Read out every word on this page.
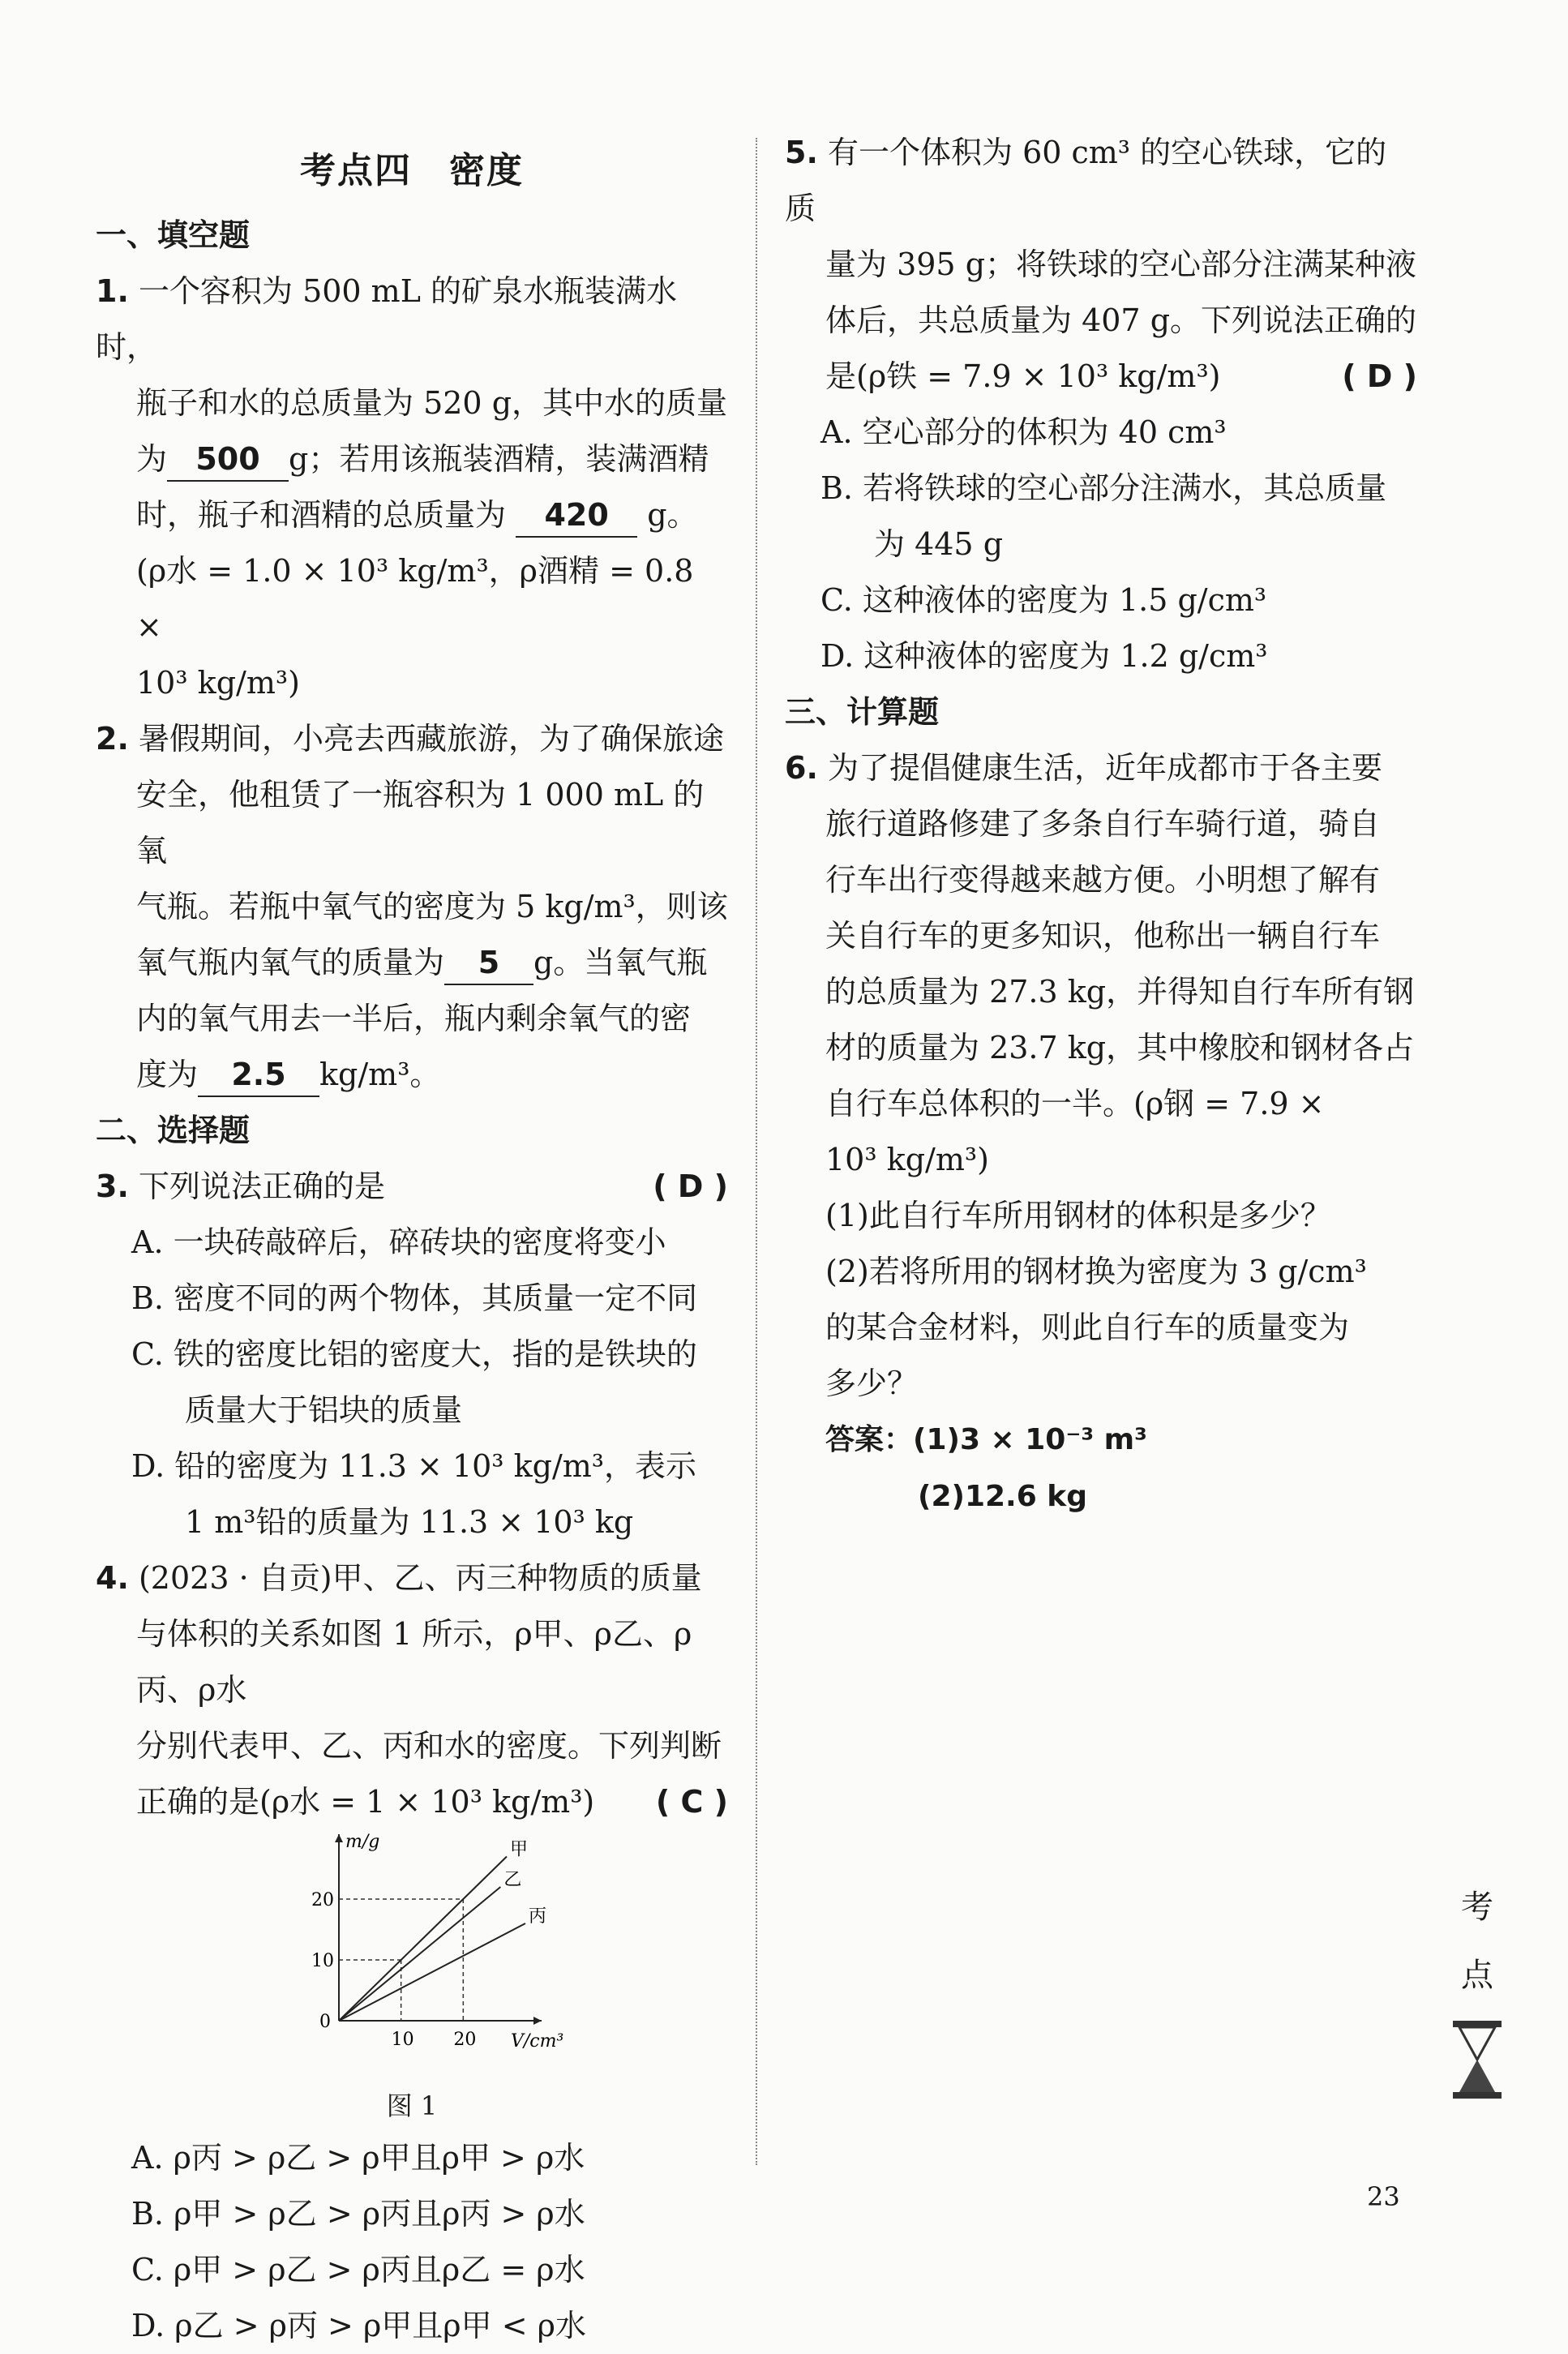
考点四　密度
一、填空题
1. 一个容积为 500 mL 的矿泉水瓶装满水时，
瓶子和水的总质量为 520 g，其中水的质量
为 500 g；若用该瓶装酒精，装满酒精
时，瓶子和酒精的总质量为 420 g。
(ρ水 = 1.0 × 10³ kg/m³，ρ酒精 = 0.8 ×
10³ kg/m³)
2. 暑假期间，小亮去西藏旅游，为了确保旅途
安全，他租赁了一瓶容积为 1 000 mL 的氧
气瓶。若瓶中氧气的密度为 5 kg/m³，则该
氧气瓶内氧气的质量为 5 g。当氧气瓶
内的氧气用去一半后，瓶内剩余氧气的密
度为 2.5 kg/m³。
二、选择题
3. 下列说法正确的是	( D )
A. 一块砖敲碎后，碎砖块的密度将变小
B. 密度不同的两个物体，其质量一定不同
C. 铁的密度比铝的密度大，指的是铁块的
质量大于铝块的质量
D. 铅的密度为 11.3 × 10³ kg/m³，表示
1 m³铅的质量为 11.3 × 10³ kg
4. (2023 · 自贡)甲、乙、丙三种物质的质量
与体积的关系如图 1 所示，ρ甲、ρ乙、ρ丙、ρ水
分别代表甲、乙、丙和水的密度。下列判断
正确的是(ρ水 = 1 × 10³ kg/m³) ( C )
甲
乙
丙
10 20
10
20
0
V/cm³
m/g
图 1
A. ρ丙 > ρ乙 > ρ甲且ρ甲 > ρ水
B. ρ甲 > ρ乙 > ρ丙且ρ丙 > ρ水
C. ρ甲 > ρ乙 > ρ丙且ρ乙 = ρ水
D. ρ乙 > ρ丙 > ρ甲且ρ甲 < ρ水
5. 有一个体积为 60 cm³ 的空心铁球，它的质
量为 395 g；将铁球的空心部分注满某种液
体后，共总质量为 407 g。下列说法正确的
是(ρ铁 = 7.9 × 10³ kg/m³)	( D )
A. 空心部分的体积为 40 cm³
B. 若将铁球的空心部分注满水，其总质量
为 445 g
C. 这种液体的密度为 1.5 g/cm³
D. 这种液体的密度为 1.2 g/cm³
三、计算题
6. 为了提倡健康生活，近年成都市于各主要
旅行道路修建了多条自行车骑行道，骑自
行车出行变得越来越方便。小明想了解有
关自行车的更多知识，他称出一辆自行车
的总质量为 27.3 kg，并得知自行车所有钢
材的质量为 23.7 kg，其中橡胶和钢材各占
自行车总体积的一半。(ρ钢 = 7.9 ×
10³ kg/m³)
(1)此自行车所用钢材的体积是多少？
(2)若将所用的钢材换为密度为 3 g/cm³
的某合金材料，则此自行车的质量变为
多少？
答案：(1)3 × 10⁻³ m³
(2)12.6 kg
考
点
23
